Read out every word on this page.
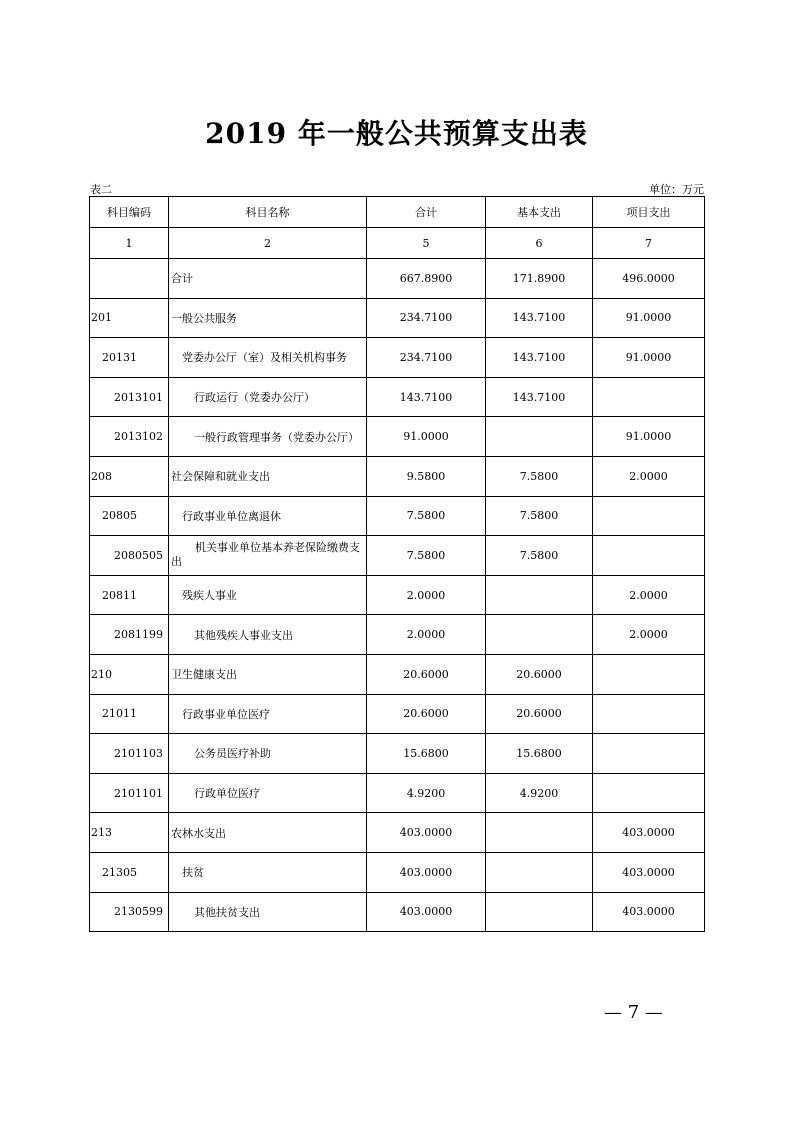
2019 年一般公共预算支出表
表二	单位：万元
科目编码	科目名称	合计	基本支出	项目支出
1	2	5	6	7
	合计	667.8900	171.8900	496.0000
201	一般公共服务	234.7100	143.7100	91.0000
20131	党委办公厅（室）及相关机构事务	234.7100	143.7100	91.0000
2013101	行政运行（党委办公厅）	143.7100	143.7100	
2013102	一般行政管理事务（党委办公厅）	91.0000		91.0000
208	社会保障和就业支出	9.5800	7.5800	2.0000
20805	行政事业单位离退休	7.5800	7.5800	
2080505	机关事业单位基本养老保险缴费支出	7.5800	7.5800	
20811	残疾人事业	2.0000		2.0000
2081199	其他残疾人事业支出	2.0000		2.0000
210	卫生健康支出	20.6000	20.6000	
21011	行政事业单位医疗	20.6000	20.6000	
2101103	公务员医疗补助	15.6800	15.6800	
2101101	行政单位医疗	4.9200	4.9200	
213	农林水支出	403.0000		403.0000
21305	扶贫	403.0000		403.0000
2130599	其他扶贫支出	403.0000		403.0000
— 7 —
